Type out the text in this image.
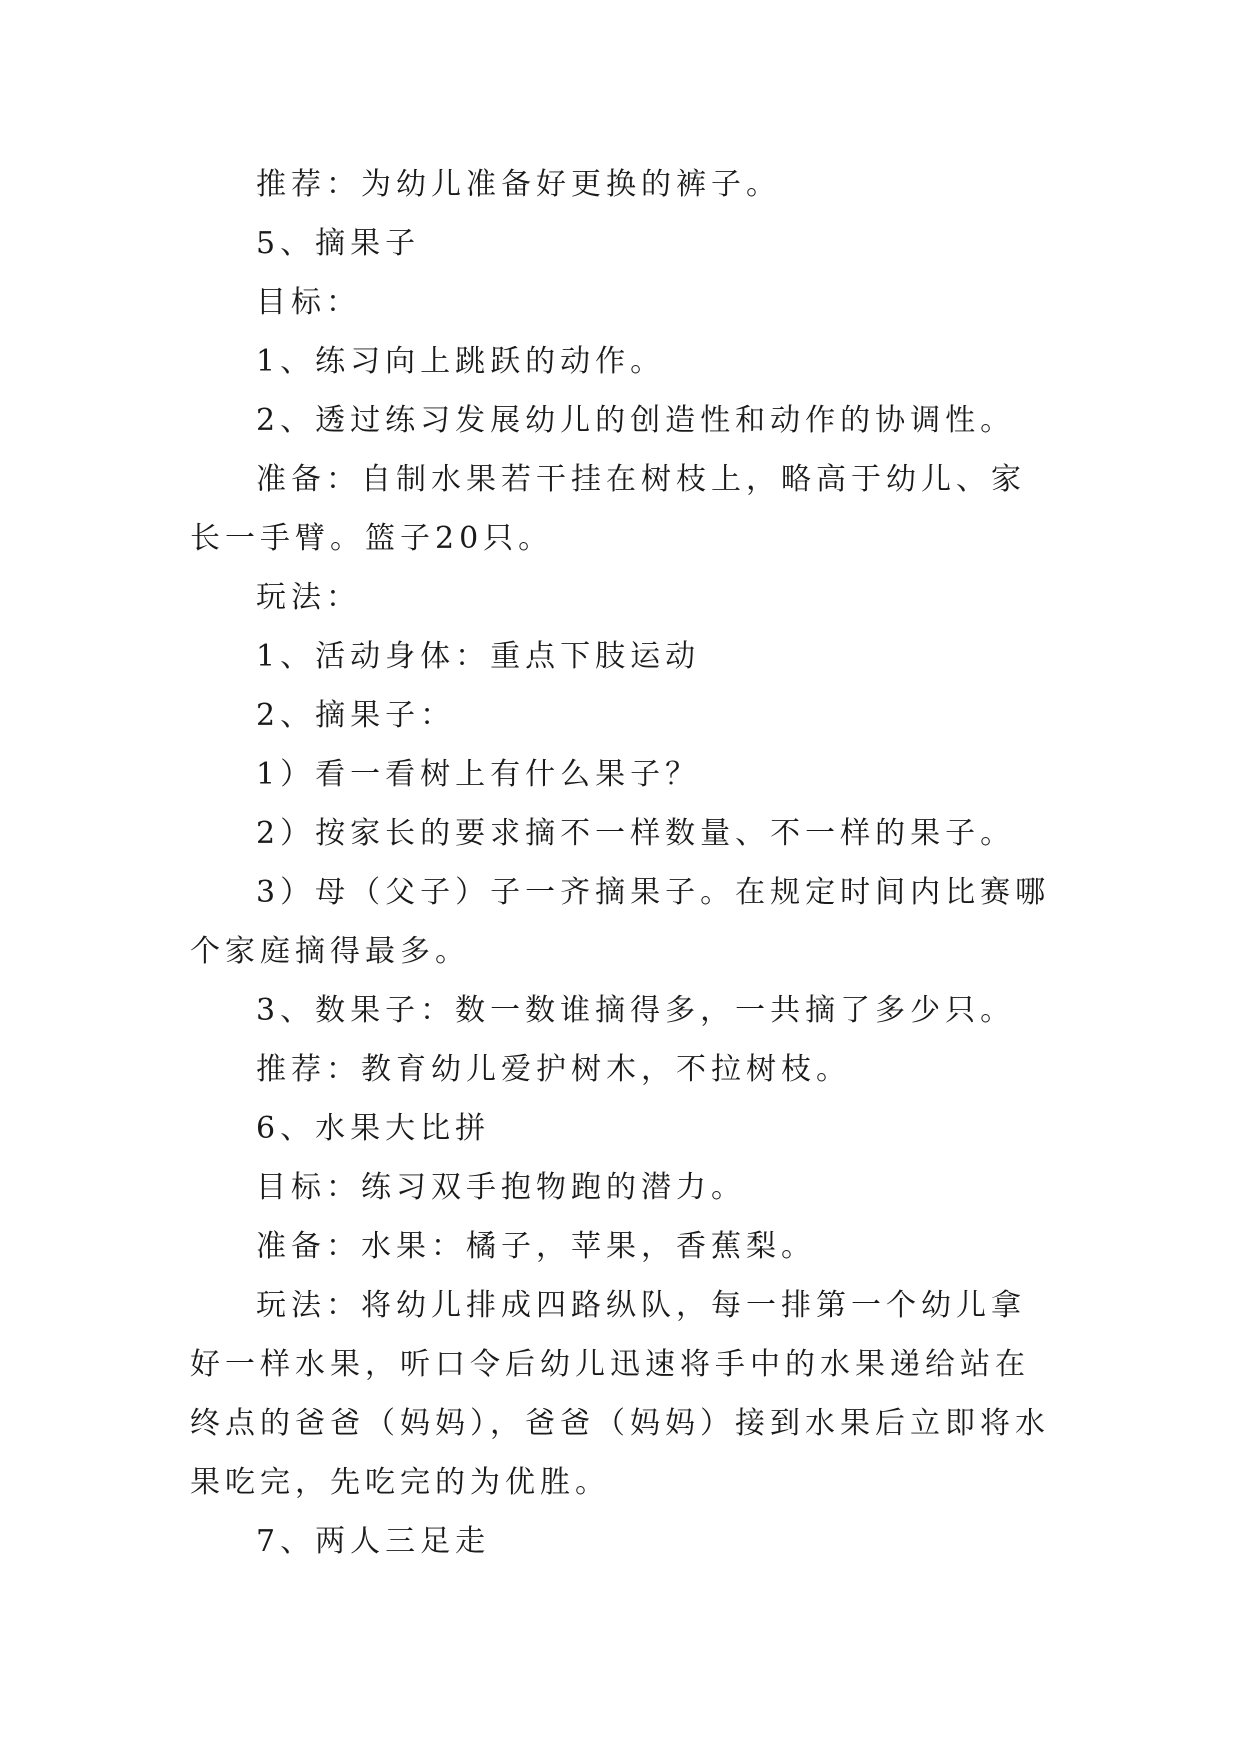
推荐：为幼儿准备好更换的裤子。

5、摘果子

目标：

1、练习向上跳跃的动作。

2、透过练习发展幼儿的创造性和动作的协调性。

准备：自制水果若干挂在树枝上，略高于幼儿、家长一手臂。篮子20只。

玩法：

1、活动身体：重点下肢运动

2、摘果子：

1）看一看树上有什么果子？

2）按家长的要求摘不一样数量、不一样的果子。

3）母（父子）子一齐摘果子。在规定时间内比赛哪个家庭摘得最多。

3、数果子：数一数谁摘得多，一共摘了多少只。

推荐：教育幼儿爱护树木，不拉树枝。

6、水果大比拼

目标：练习双手抱物跑的潜力。

准备：水果：橘子，苹果，香蕉梨。

玩法：将幼儿排成四路纵队，每一排第一个幼儿拿好一样水果，听口令后幼儿迅速将手中的水果递给站在终点的爸爸（妈妈），爸爸（妈妈）接到水果后立即将水果吃完，先吃完的为优胜。

7、两人三足走
